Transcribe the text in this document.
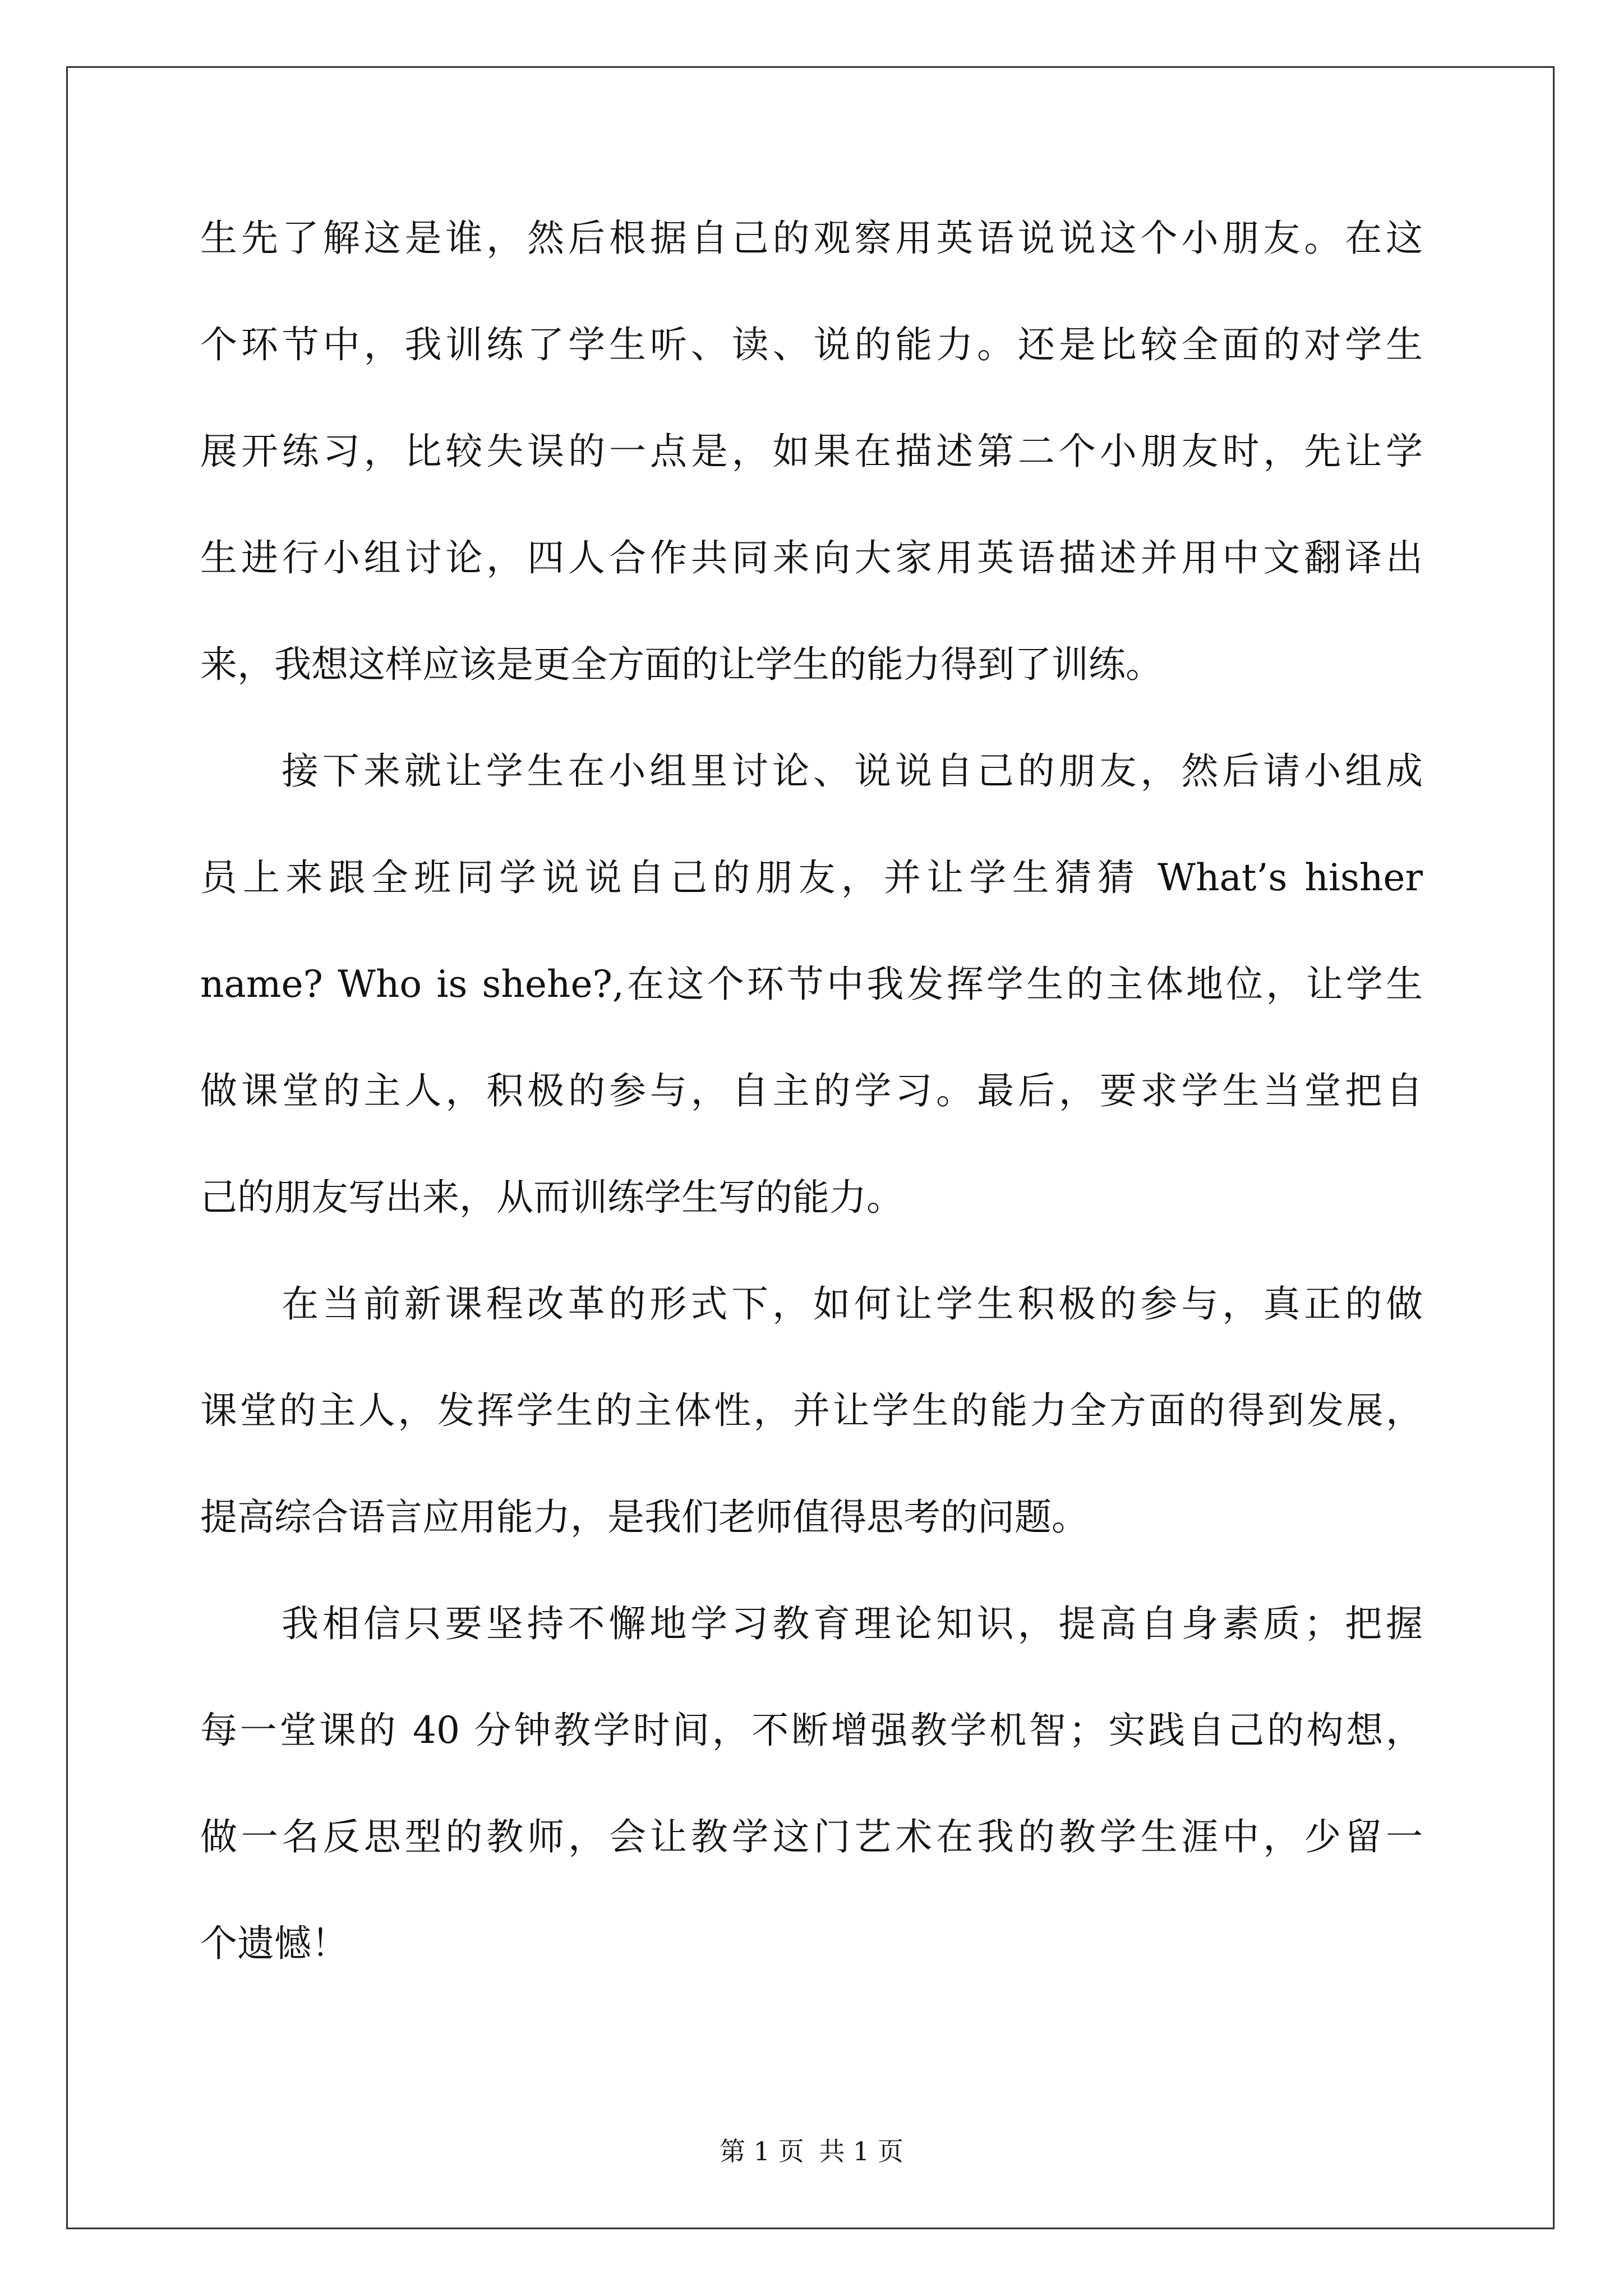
生先了解这是谁，然后根据自己的观察用英语说说这个小朋友。在这
个环节中，我训练了学生听、读、说的能力。还是比较全面的对学生
展开练习，比较失误的一点是，如果在描述第二个小朋友时，先让学
生进行小组讨论，四人合作共同来向大家用英语描述并用中文翻译出
来，我想这样应该是更全方面的让学生的能力得到了训练。
接下来就让学生在小组里讨论、说说自己的朋友，然后请小组成
员上来跟全班同学说说自己的朋友，并让学生猜猜 What’s hisher
name? Who is shehe?,在这个环节中我发挥学生的主体地位，让学生
做课堂的主人，积极的参与，自主的学习。最后，要求学生当堂把自
己的朋友写出来，从而训练学生写的能力。
在当前新课程改革的形式下，如何让学生积极的参与，真正的做
课堂的主人，发挥学生的主体性，并让学生的能力全方面的得到发展，
提高综合语言应用能力，是我们老师值得思考的问题。
我相信只要坚持不懈地学习教育理论知识，提高自身素质；把握
每一堂课的 40 分钟教学时间，不断增强教学机智；实践自己的构想，
做一名反思型的教师，会让教学这门艺术在我的教学生涯中，少留一
个遗憾！
第 1 页 共 1 页
